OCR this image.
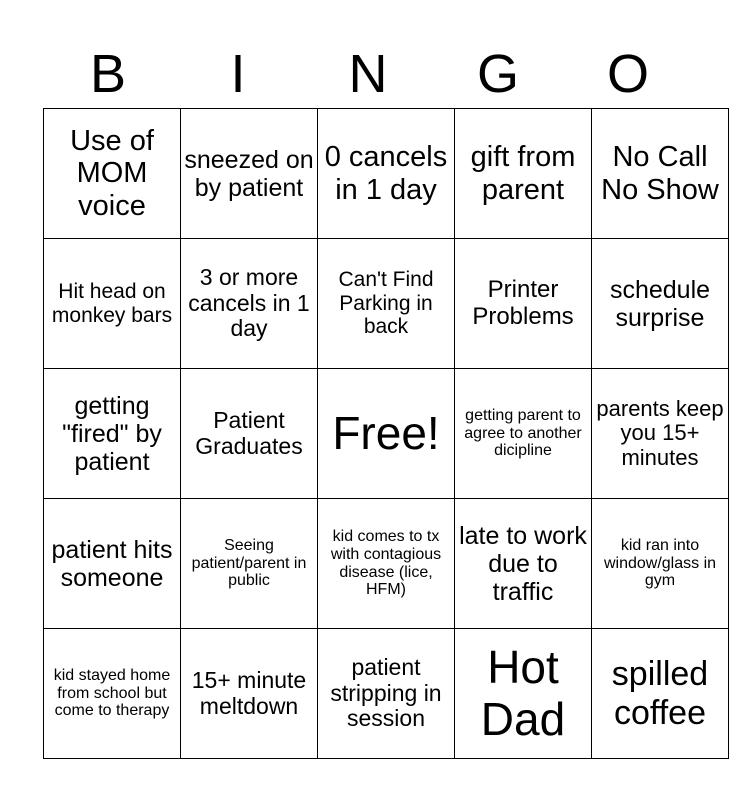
B	I	N	G	O
Use of MOM voice	sneezed on by patient	0 cancels in 1 day	gift from parent	No Call No Show
Hit head on monkey bars	3 or more cancels in 1 day	Can't Find Parking in back	Printer Problems	schedule surprise
getting "fired" by patient	Patient Graduates	Free!	getting parent to agree to another dicipline	parents keep you 15+ minutes
patient hits someone	Seeing patient/parent in public	kid comes to tx with contagious disease (lice, HFM)	late to work due to traffic	kid ran into window/glass in gym
kid stayed home from school but come to therapy	15+ minute meltdown	patient stripping in session	Hot Dad	spilled coffee
